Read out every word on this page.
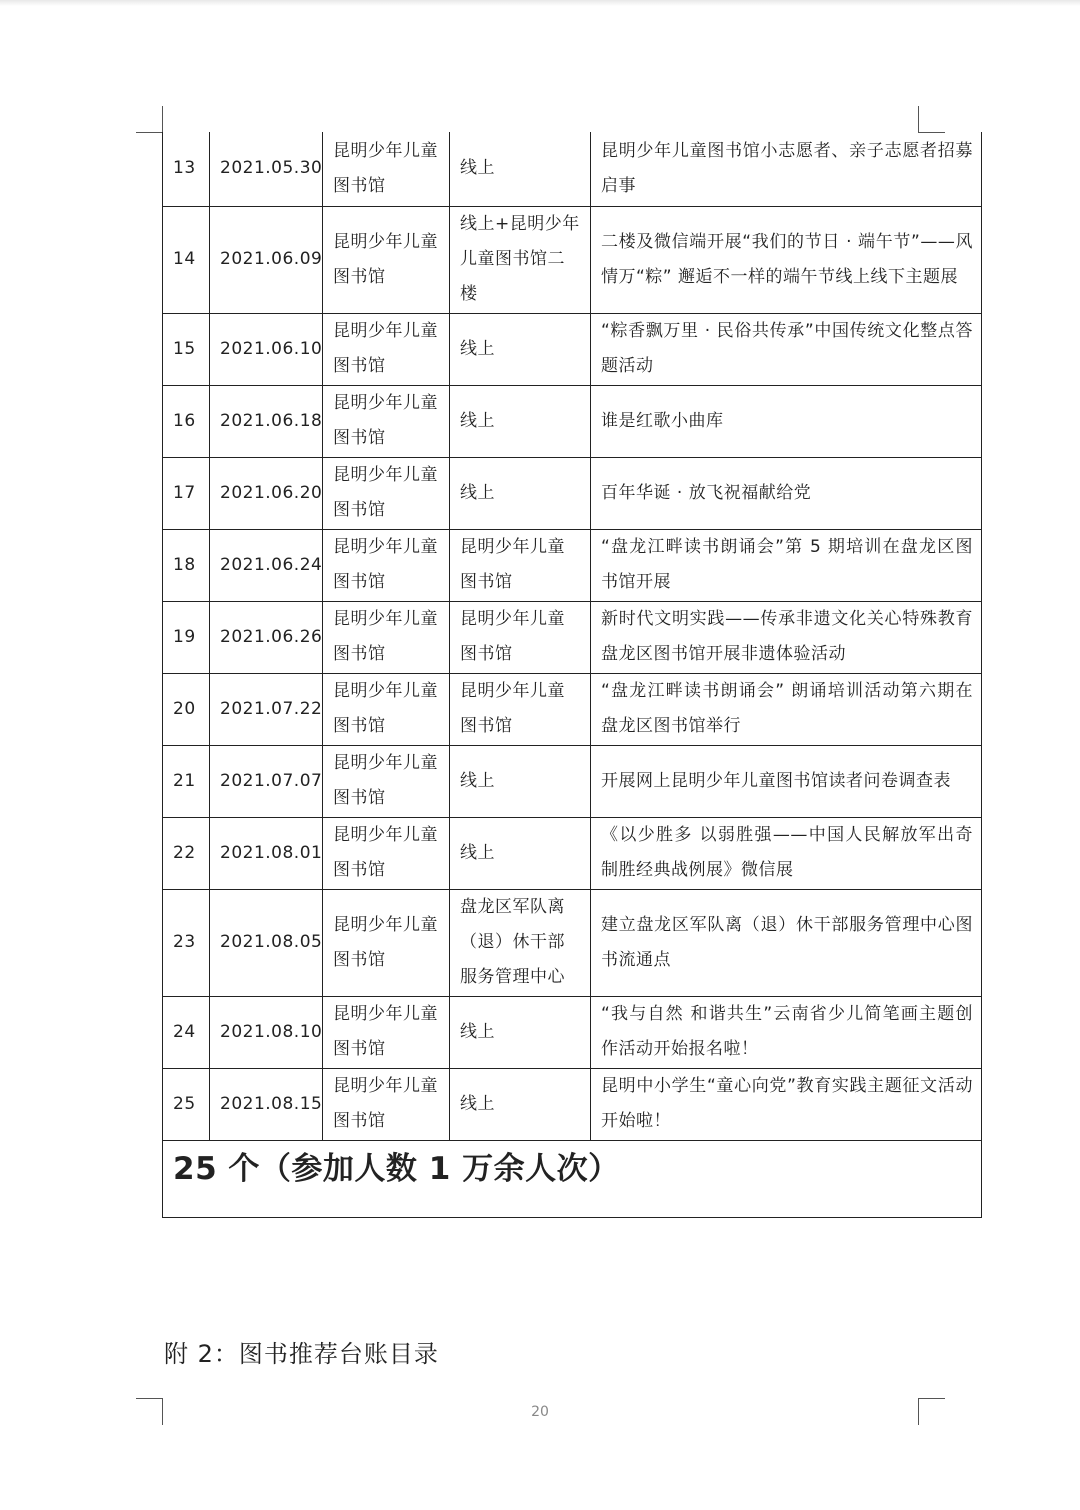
13	2021.05.30	昆明少年儿童图书馆	线上	昆明少年儿童图书馆小志愿者、亲子志愿者招募启事
14	2021.06.09	昆明少年儿童图书馆	线上+昆明少年儿童图书馆二楼	二楼及微信端开展“我们的节日 · 端午节”——风情万“粽” 邂逅不一样的端午节线上线下主题展
15	2021.06.10	昆明少年儿童图书馆	线上	“粽香飘万里 · 民俗共传承”中国传统文化整点答题活动
16	2021.06.18	昆明少年儿童图书馆	线上	谁是红歌小曲库
17	2021.06.20	昆明少年儿童图书馆	线上	百年华诞 · 放飞祝福献给党
18	2021.06.24	昆明少年儿童图书馆	昆明少年儿童图书馆	“盘龙江畔读书朗诵会”第 5 期培训在盘龙区图书馆开展
19	2021.06.26	昆明少年儿童图书馆	昆明少年儿童图书馆	新时代文明实践——传承非遗文化关心特殊教育 盘龙区图书馆开展非遗体验活动
20	2021.07.22	昆明少年儿童图书馆	昆明少年儿童图书馆	“盘龙江畔读书朗诵会” 朗诵培训活动第六期在盘龙区图书馆举行
21	2021.07.07	昆明少年儿童图书馆	线上	开展网上昆明少年儿童图书馆读者问卷调查表
22	2021.08.01	昆明少年儿童图书馆	线上	《以少胜多 以弱胜强——中国人民解放军出奇制胜经典战例展》微信展
23	2021.08.05	昆明少年儿童图书馆	盘龙区军队离（退）休干部服务管理中心	建立盘龙区军队离（退）休干部服务管理中心图书流通点
24	2021.08.10	昆明少年儿童图书馆	线上	“我与自然 和谐共生”云南省少儿简笔画主题创作活动开始报名啦！
25	2021.08.15	昆明少年儿童图书馆	线上	昆明中小学生“童心向党”教育实践主题征文活动开始啦！
25 个（参加人数 1 万余人次）				
附 2：图书推荐台账目录
20
